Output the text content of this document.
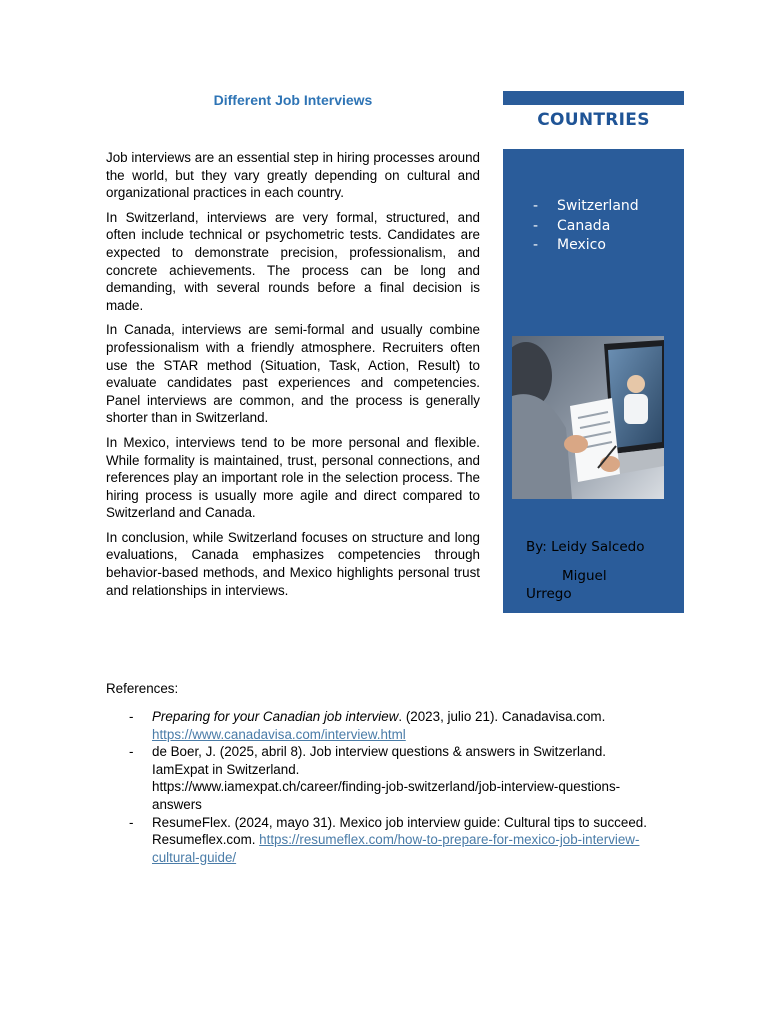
Different Job Interviews

Job interviews are an essential step in hiring processes around the world, but they vary greatly depending on cultural and organizational practices in each country.

In Switzerland, interviews are very formal, structured, and often include technical or psychometric tests. Candidates are expected to demonstrate precision, professionalism, and concrete achievements. The process can be long and demanding, with several rounds before a final decision is made.

In Canada, interviews are semi-formal and usually combine professionalism with a friendly atmosphere. Recruiters often use the STAR method (Situation, Task, Action, Result) to evaluate candidates past experiences and competencies. Panel interviews are common, and the process is generally shorter than in Switzerland.

In Mexico, interviews tend to be more personal and flexible. While formality is maintained, trust, personal connections, and references play an important role in the selection process. The hiring process is usually more agile and direct compared to Switzerland and Canada.

In conclusion, while Switzerland focuses on structure and long evaluations, Canada emphasizes competencies through behavior-based methods, and Mexico highlights personal trust and relationships in interviews.

COUNTRIES
- Switzerland
- Canada
- Mexico
By: Leidy Salcedo
Miguel
Urrego
References:
- Preparing for your Canadian job interview. (2023, julio 21). Canadavisa.com.
https://www.canadavisa.com/interview.html
- de Boer, J. (2025, abril 8). Job interview questions & answers in Switzerland.
IamExpat in Switzerland.
https://www.iamexpat.ch/career/finding-job-switzerland/job-interview-questions-answers
- ResumeFlex. (2024, mayo 31). Mexico job interview guide: Cultural tips to succeed. Resumeflex.com. https://resumeflex.com/how-to-prepare-for-mexico-job-interview-cultural-guide/
